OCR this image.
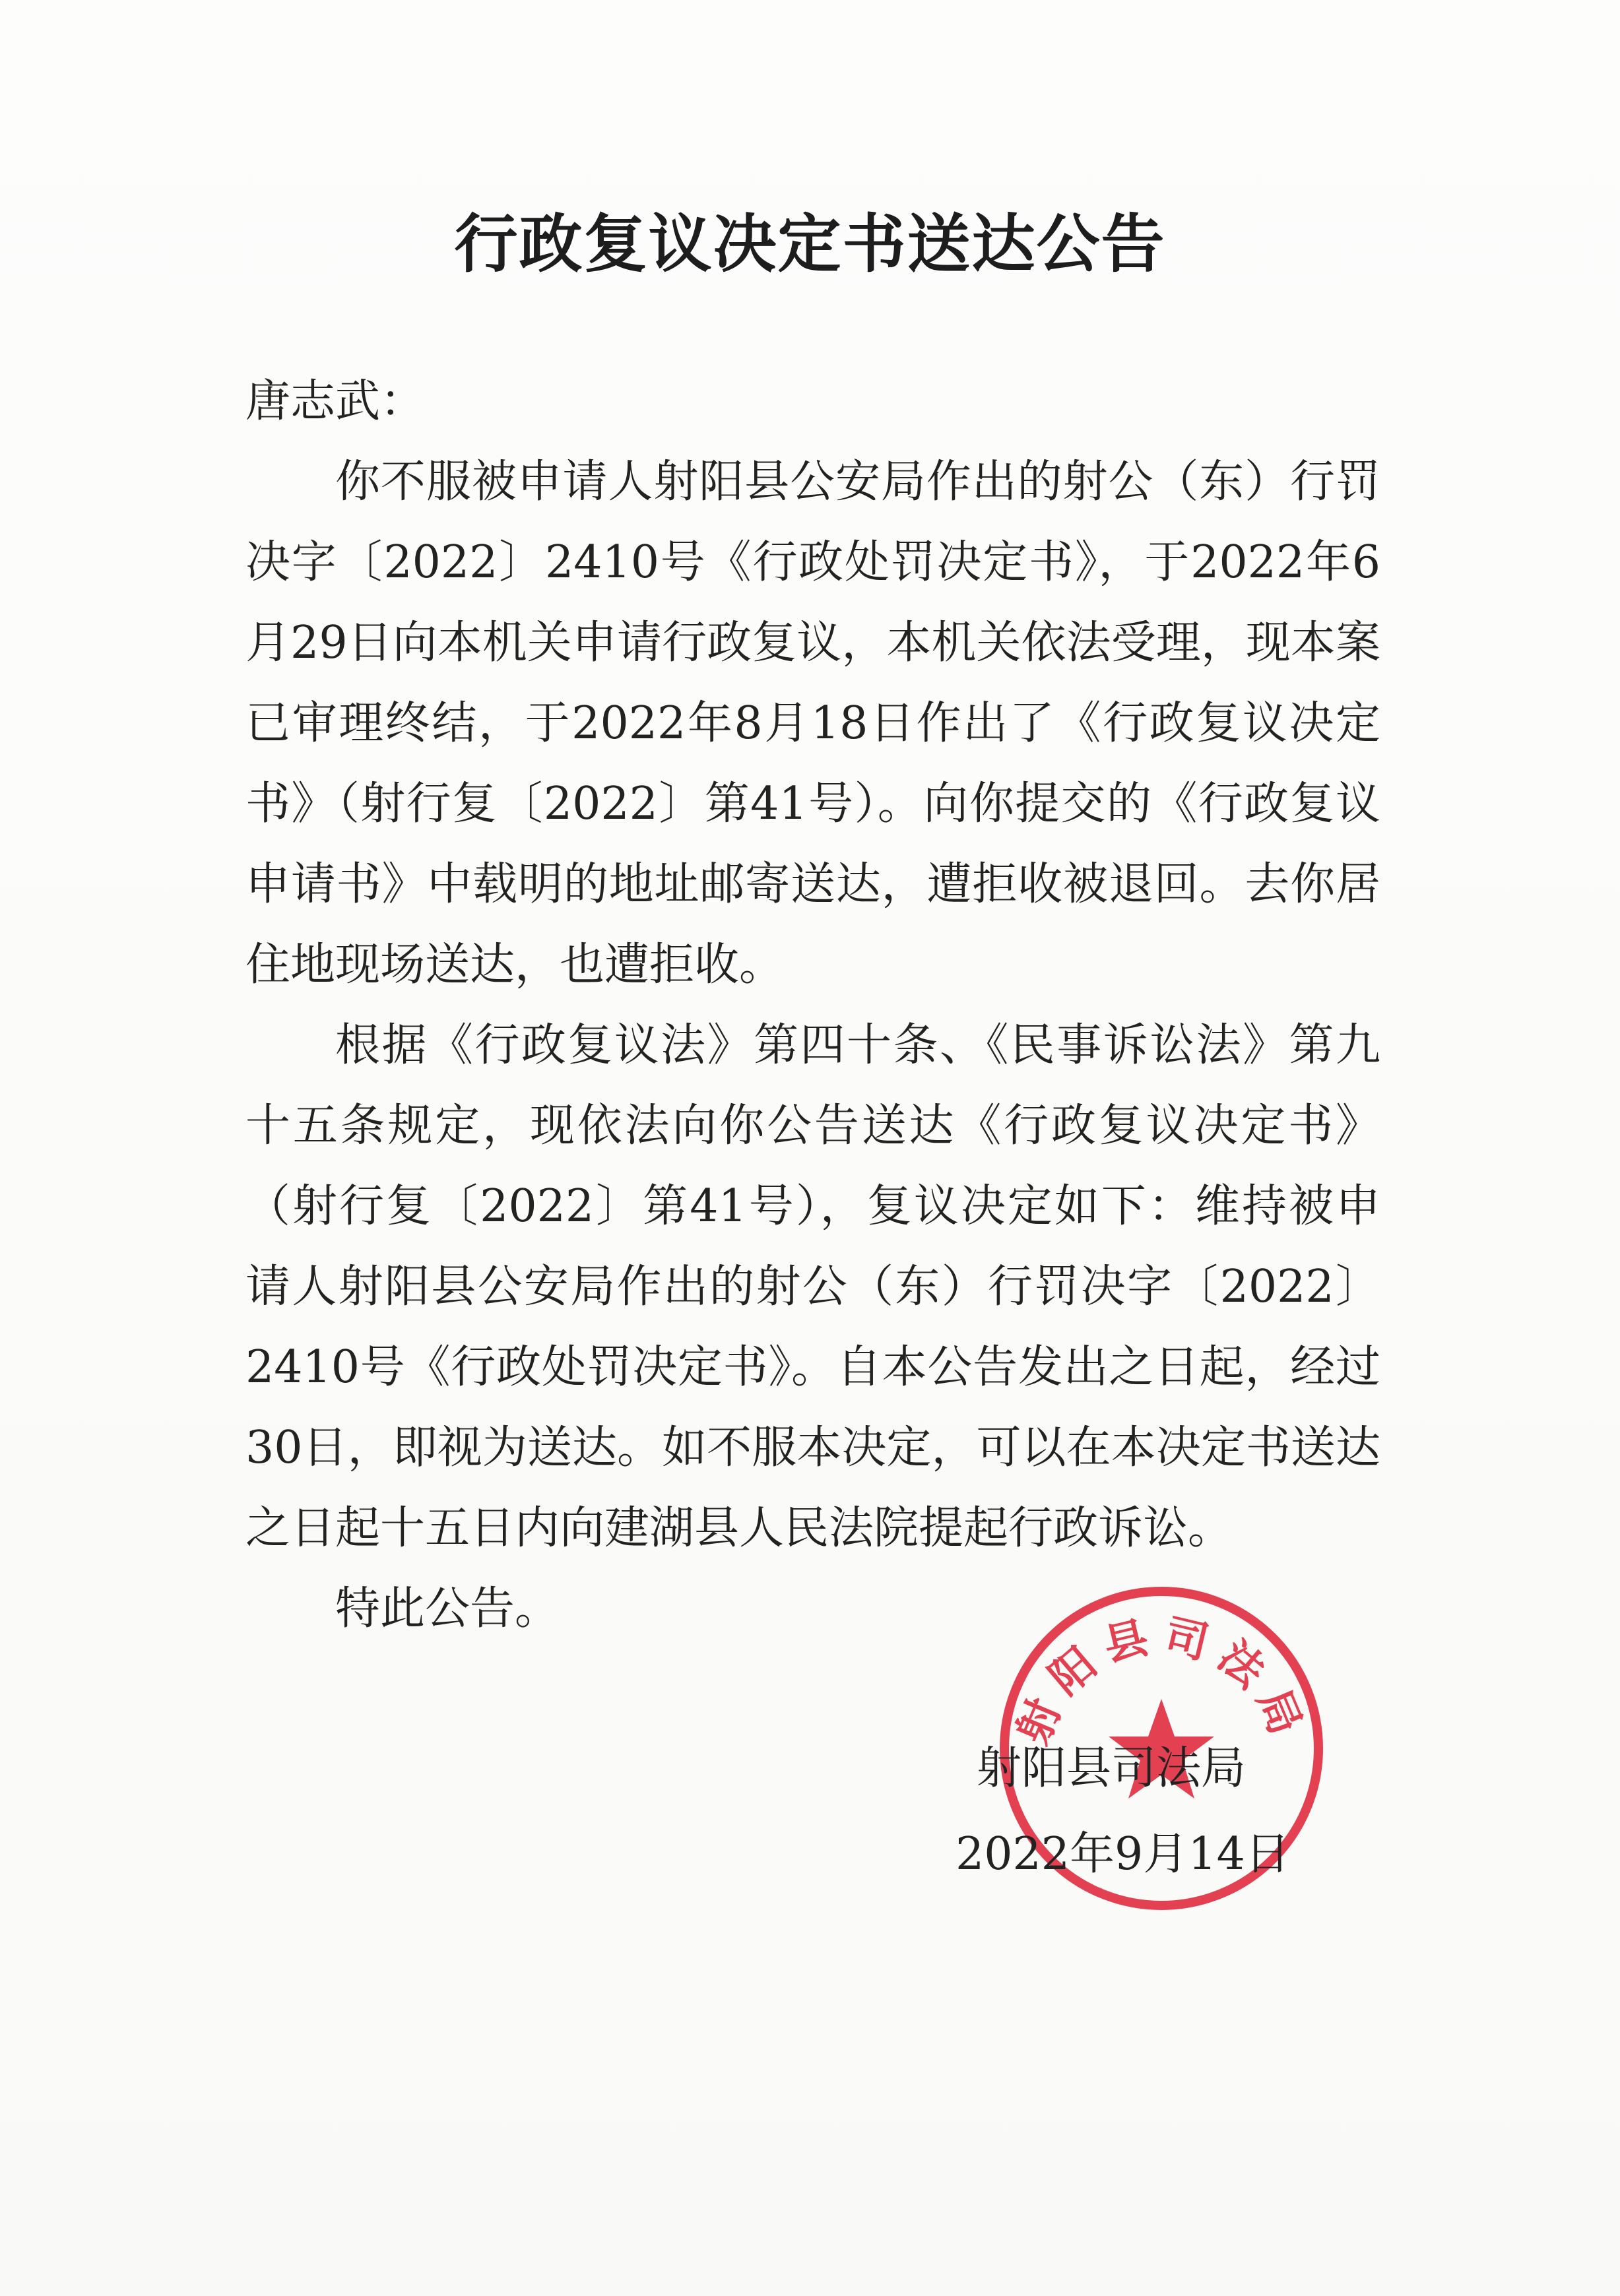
行政复议决定书送达公告

唐志武：

你不服被申请人射阳县公安局作出的射公（东）行罚决字〔2022〕2410号《行政处罚决定书》，于2022年6月29日向本机关申请行政复议，本机关依法受理，现本案已审理终结，于2022年8月18日作出了《行政复议决定书》（射行复〔2022〕第41号）。向你提交的《行政复议申请书》中载明的地址邮寄送达，遭拒收被退回。去你居住地现场送达，也遭拒收。

根据《行政复议法》第四十条、《民事诉讼法》第九十五条规定，现依法向你公告送达《行政复议决定书》（射行复〔2022〕第41号），复议决定如下：维持被申请人射阳县公安局作出的射公（东）行罚决字〔2022〕2410号《行政处罚决定书》。自本公告发出之日起，经过30日，即视为送达。如不服本决定，可以在本决定书送达之日起十五日内向建湖县人民法院提起行政诉讼。

特此公告。

射阳县司法局
射阳县司法局
2022年9月14日
